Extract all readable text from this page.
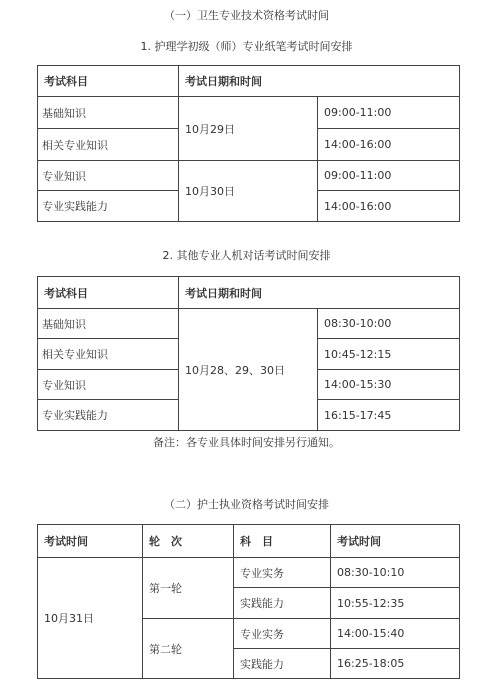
（一）卫生专业技术资格考试时间
1. 护理学初级（师）专业纸笔考试时间安排
考试科目	考试日期和时间	
基础知识	10月29日	09:00-11:00
相关专业知识		14:00-16:00
专业知识	10月30日	09:00-11:00
专业实践能力		14:00-16:00
2. 其他专业人机对话考试时间安排
考试科目	考试日期和时间	
基础知识	10月28、29、30日	08:30-10:00
相关专业知识		10:45-12:15
专业知识		14:00-15:30
专业实践能力		16:15-17:45
备注：各专业具体时间安排另行通知。
（二）护士执业资格考试时间安排
考试时间	轮　次	科　目	考试时间
10月31日	第一轮	专业实务	08:30-10:10
		实践能力	10:55-12:35
	第二轮	专业实务	14:00-15:40
		实践能力	16:25-18:05
